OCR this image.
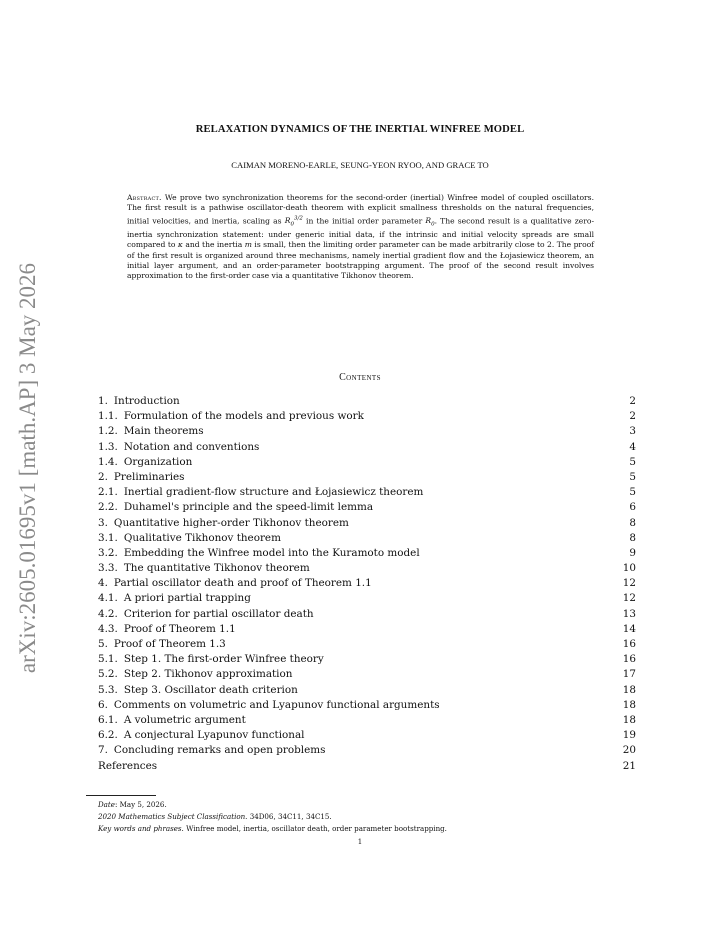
arXiv:2605.01695v1 [math.AP] 3 May 2026
RELAXATION DYNAMICS OF THE INERTIAL WINFREE MODEL
CAIMAN MORENO-EARLE, SEUNG-YEON RYOO, AND GRACE TO
Abstract. We prove two synchronization theorems for the second-order (inertial) Winfree model of coupled oscillators. The first result is a pathwise oscillator-death theorem with explicit smallness thresholds on the natural frequencies, initial velocities, and inertia, scaling as $R_0^{3/2}$ in the initial order parameter $R_0$. The second result is a qualitative zero-inertia synchronization statement: under generic initial data, if the intrinsic and initial velocity spreads are small compared to κ and the inertia m is small, then the limiting order parameter can be made arbitrarily close to 2. The proof of the first result is organized around three mechanisms, namely inertial gradient flow and the Łojasiewicz theorem, an initial layer argument, and an order-parameter bootstrapping argument. The proof of the second result involves approximation to the first-order case via a quantitative Tikhonov theorem.
Contents
1. Introduction	2
1.1. Formulation of the models and previous work	2
1.2. Main theorems	3
1.3. Notation and conventions	4
1.4. Organization	5
2. Preliminaries	5
2.1. Inertial gradient-flow structure and Łojasiewicz theorem	5
2.2. Duhamel's principle and the speed-limit lemma	6
3. Quantitative higher-order Tikhonov theorem	8
3.1. Qualitative Tikhonov theorem	8
3.2. Embedding the Winfree model into the Kuramoto model	9
3.3. The quantitative Tikhonov theorem	10
4. Partial oscillator death and proof of Theorem 1.1	12
4.1. A priori partial trapping	12
4.2. Criterion for partial oscillator death	13
4.3. Proof of Theorem 1.1	14
5. Proof of Theorem 1.3	16
5.1. Step 1. The first-order Winfree theory	16
5.2. Step 2. Tikhonov approximation	17
5.3. Step 3. Oscillator death criterion	18
6. Comments on volumetric and Lyapunov functional arguments	18
6.1. A volumetric argument	18
6.2. A conjectural Lyapunov functional	19
7. Concluding remarks and open problems	20
References	21
Date: May 5, 2026.
2020 Mathematics Subject Classification. 34D06, 34C11, 34C15.
Key words and phrases. Winfree model, inertia, oscillator death, order parameter bootstrapping.
1
